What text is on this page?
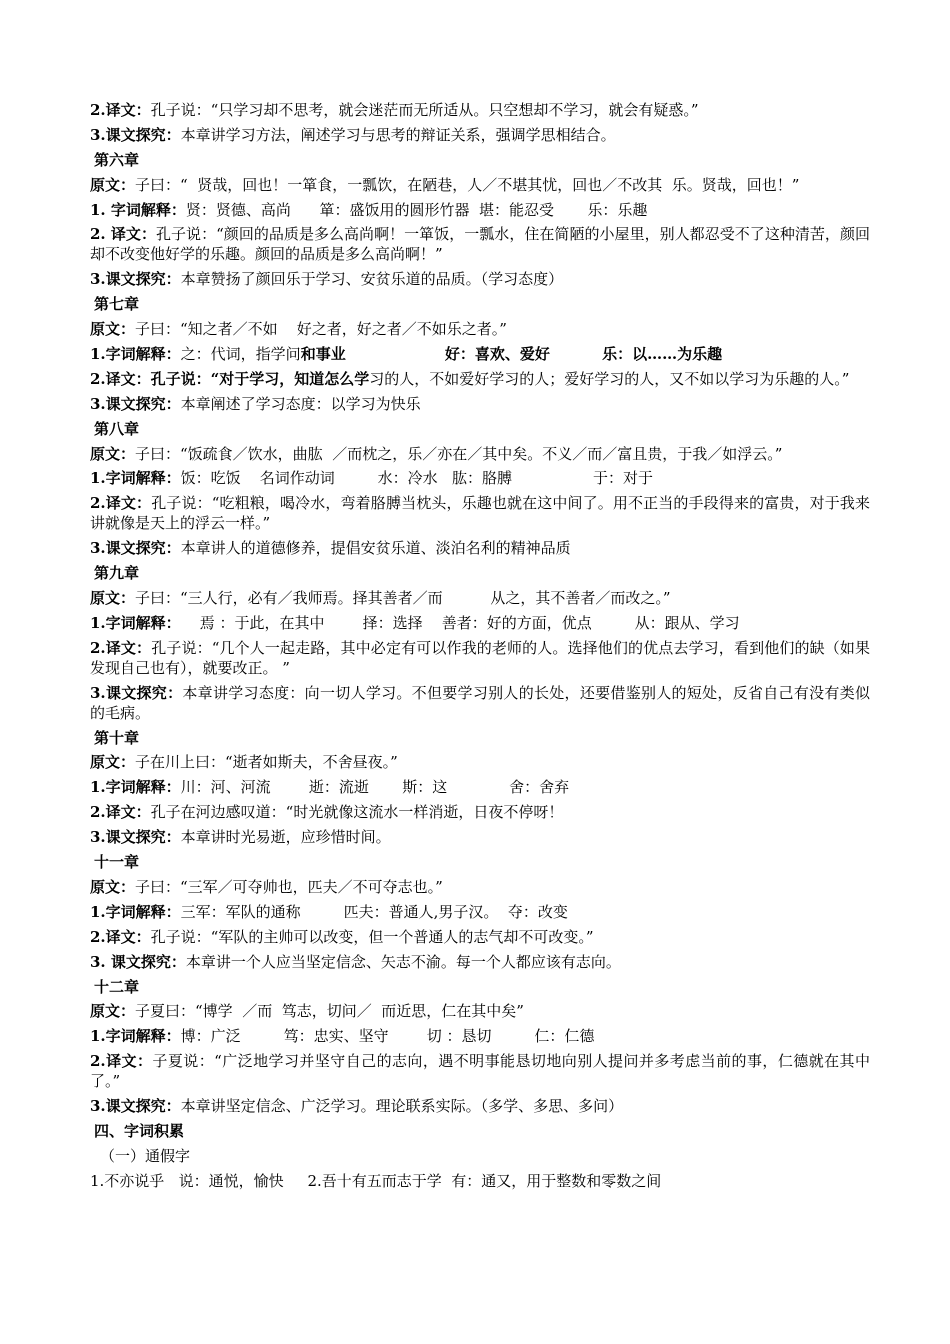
2.译文：孔子说：“只学习却不思考，就会迷茫而无所适从。只空想却不学习，就会有疑惑。”
3.课文探究：本章讲学习方法，阐述学习与思考的辩证关系，强调学思相结合。
第六章
原文：子曰：“  贤哉，回也！一箪食，一瓢饮，在陋巷，人／不堪其忧，回也／不改其  乐。贤哉，回也！”
1. 字词解释：贤：贤德、高尚      箪：盛饭用的圆形竹器  堪：能忍受       乐：乐趣
2. 译文：孔子说：“颜回的品质是多么高尚啊！一箪饭，一瓢水，住在简陋的小屋里，别人都忍受不了这种清苦，颜回却不改变他好学的乐趣。颜回的品质是多么高尚啊！”
3.课文探究：本章赞扬了颜回乐于学习、安贫乐道的品质。（学习态度）
第七章
原文：子曰：“知之者／不如    好之者，好之者／不如乐之者。”
1.字词解释：之：代词，指学问和事业                   好：喜欢、爱好          乐：以……为乐趣
2.译文：孔子说：“对于学习，知道怎么学习的人，不如爱好学习的人；爱好学习的人，又不如以学习为乐趣的人。”
3.课文探究：本章阐述了学习态度：以学习为快乐
第八章
原文：子曰：“饭疏食／饮水，曲肱  ／而枕之，乐／亦在／其中矣。不义／而／富且贵，于我／如浮云。”
1.字词解释：饭：吃饭    名词作动词         水：冷水   肱：胳膊                 于：对于
2.译文：孔子说：“吃粗粮，喝冷水，弯着胳膊当枕头，乐趣也就在这中间了。用不正当的手段得来的富贵，对于我来讲就像是天上的浮云一样。”
3.课文探究：本章讲人的道德修养，提倡安贫乐道、淡泊名利的精神品质
第九章
原文：子曰：“三人行，必有／我师焉。择其善者／而          从之，其不善者／而改之。”
1.字词解释：    焉 ：于此，在其中        择：选择    善者：好的方面，优点         从：跟从、学习
2.译文：孔子说：“几个人一起走路，其中必定有可以作我的老师的人。选择他们的优点去学习，看到他们的缺（如果发现自己也有），就要改正。 ”
3.课文探究：本章讲学习态度：向一切人学习。不但要学习别人的长处，还要借鉴别人的短处，反省自己有没有类似的毛病。
第十章
原文：子在川上曰：“逝者如斯夫，不舍昼夜。”
1.字词解释：川：河、河流        逝：流逝       斯：这             舍：舍弃
2.译文：孔子在河边感叹道：“时光就像这流水一样消逝，日夜不停呀！
3.课文探究：本章讲时光易逝，应珍惜时间。
十一章
原文：子曰：“三军／可夺帅也，匹夫／不可夺志也。”
1.字词解释：三军：军队的通称         匹夫：普通人,男子汉。  夺：改变
2.译文：孔子说：“军队的主帅可以改变，但一个普通人的志气却不可改变。”
3. 课文探究：本章讲一个人应当坚定信念、矢志不渝。每一个人都应该有志向。
十二章
原文：子夏曰：“博学  ／而  笃志，切问／  而近思，仁在其中矣”
1.字词解释：博：广泛         笃：忠实、坚守        切 ：恳切         仁：仁德
2.译文：子夏说：“广泛地学习并坚守自己的志向，遇不明事能恳切地向别人提问并多考虑当前的事，仁德就在其中了。”
3.课文探究：本章讲坚定信念、广泛学习。理论联系实际。（多学、多思、多问）
四、字词积累
（一）通假字
1.不亦说乎   说：通悦，愉快     2.吾十有五而志于学  有：通又，用于整数和零数之间
